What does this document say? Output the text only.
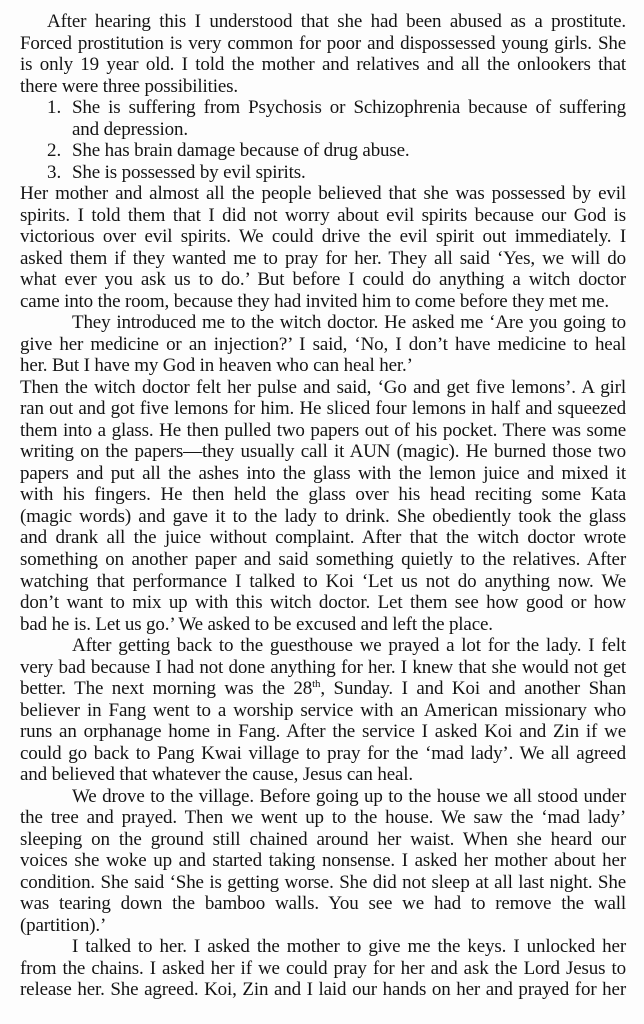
After hearing this I understood that she had been abused as a prostitute.
Forced prostitution is very common for poor and dispossessed young girls. She
is only 19 year old. I told the mother and relatives and all the onlookers that
there were three possibilities.
1. She is suffering from Psychosis or Schizophrenia because of suffering
and depression.
2. She has brain damage because of drug abuse.
3. She is possessed by evil spirits.
Her mother and almost all the people believed that she was possessed by evil
spirits. I told them that I did not worry about evil spirits because our God is
victorious over evil spirits. We could drive the evil spirit out immediately. I
asked them if they wanted me to pray for her. They all said ‘Yes, we will do
what ever you ask us to do.’ But before I could do anything a witch doctor
came into the room, because they had invited him to come before they met me.
They introduced me to the witch doctor. He asked me ‘Are you going to
give her medicine or an injection?’ I said, ‘No, I don’t have medicine to heal
her. But I have my God in heaven who can heal her.’
Then the witch doctor felt her pulse and said, ‘Go and get five lemons’. A girl
ran out and got five lemons for him. He sliced four lemons in half and squeezed
them into a glass. He then pulled two papers out of his pocket. There was some
writing on the papers—they usually call it AUN (magic). He burned those two
papers and put all the ashes into the glass with the lemon juice and mixed it
with his fingers. He then held the glass over his head reciting some Kata
(magic words) and gave it to the lady to drink. She obediently took the glass
and drank all the juice without complaint. After that the witch doctor wrote
something on another paper and said something quietly to the relatives. After
watching that performance I talked to Koi ‘Let us not do anything now. We
don’t want to mix up with this witch doctor. Let them see how good or how
bad he is. Let us go.’ We asked to be excused and left the place.
After getting back to the guesthouse we prayed a lot for the lady. I felt
very bad because I had not done anything for her. I knew that she would not get
better. The next morning was the 28th, Sunday. I and Koi and another Shan
believer in Fang went to a worship service with an American missionary who
runs an orphanage home in Fang. After the service I asked Koi and Zin if we
could go back to Pang Kwai village to pray for the ‘mad lady’. We all agreed
and believed that whatever the cause, Jesus can heal.
We drove to the village. Before going up to the house we all stood under
the tree and prayed. Then we went up to the house. We saw the ‘mad lady’
sleeping on the ground still chained around her waist. When she heard our
voices she woke up and started taking nonsense. I asked her mother about her
condition. She said ‘She is getting worse. She did not sleep at all last night. She
was tearing down the bamboo walls. You see we had to remove the wall
(partition).’
I talked to her. I asked the mother to give me the keys. I unlocked her
from the chains. I asked her if we could pray for her and ask the Lord Jesus to
release her. She agreed. Koi, Zin and I laid our hands on her and prayed for her
